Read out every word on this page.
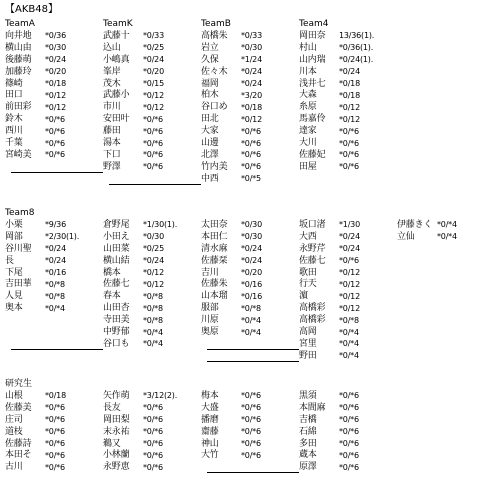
【AKB48】
TeamA
向井地 *0/36
横山由 *0/30
後藤萌 *0/24
加藤玲 *0/20
篠崎	*0/18
田口	*0/12
前田彩 *0/12
鈴木	*0/*6
西川	*0/*6
千葉	*0/*6
宮崎美 *0/*6
TeamK
武藤十 *0/33
込山	*0/25
小嶋真 *0/24
峯岸	*0/20
茂木	*0/15
武藤小 *0/12
市川	*0/12
安田叶 *0/*6
藤田	*0/*6
湯本	*0/*6
下口	*0/*6
野澤	*0/*6
TeamB
高橋朱 *0/33
岩立	*0/30
久保	*1/24
佐々木 *0/24
福岡	*0/24
柏木	*3/20
谷口め *0/18
田北	*0/12
大家	*0/*6
山邊	*0/*6
北澤	*0/*6
竹内美 *0/*6
中西	*0/*5
Team4
岡田奈 13/36(1).
村山	*0/36(1).
山内瑞 *0/24(1).
川本	*0/24
浅井七 *0/18
大森	*0/18
糸原	*0/12
馬嘉伶 *0/12
達家	*0/*6
大川	*0/*6
佐藤妃 *0/*6
田屋	*0/*6
Team8
小栗	*9/36
岡部	*2/30(1).
谷川聖 *0/24
長	*0/24
下尾	*0/16
吉田華 *0/*8
人見	*0/*8
奥本	*0/*4
倉野尾 *1/30(1).
小田え *0/30
山田菜 *0/25
横山結 *0/24
橋本	*0/12
佐藤七 *0/12
春本	*0/*8
山田杏 *0/*8
寺田美 *0/*8
中野郁 *0/*4
谷口も *0/*4
太田奈 *0/30
本田仁 *0/30
清水麻 *0/24
佐藤栞 *0/24
吉川	*0/20
佐藤朱 *0/16
山本瑠 *0/16
服部	*0/*8
川原	*0/*4
奥原	*0/*4
坂口渚 *1/30
大西	*0/24
永野芹 *0/24
佐藤七 *0/*6
歌田	*0/12
行天	*0/12
濵	*0/12
高橋彩 *0/12
高橋彩 *0/*8
高岡	*0/*4
宮里	*0/*4
野田	*0/*4
伊藤きく *0/*4
立仙	*0/*4
研究生
山根	*0/18
佐藤美 *0/*6
庄司	*0/*6
道枝	*0/*6
佐藤詩 *0/*6
本田そ *0/*6
古川	*0/*6
矢作萌 *3/12(2).
長友	*0/*6
岡田梨 *0/*6
末永祐 *0/*6
鵜又	*0/*6
小林蘭 *0/*6
永野恵 *0/*6
梅本	*0/*6
大盛	*0/*6
播磨	*0/*6
齋藤	*0/*6
神山	*0/*6
大竹	*0/*6
黒須	*0/*6
本間麻 *0/*6
吉橋	*0/*6
石綿	*0/*6
多田	*0/*6
蔵本	*0/*6
原澤	*0/*6
